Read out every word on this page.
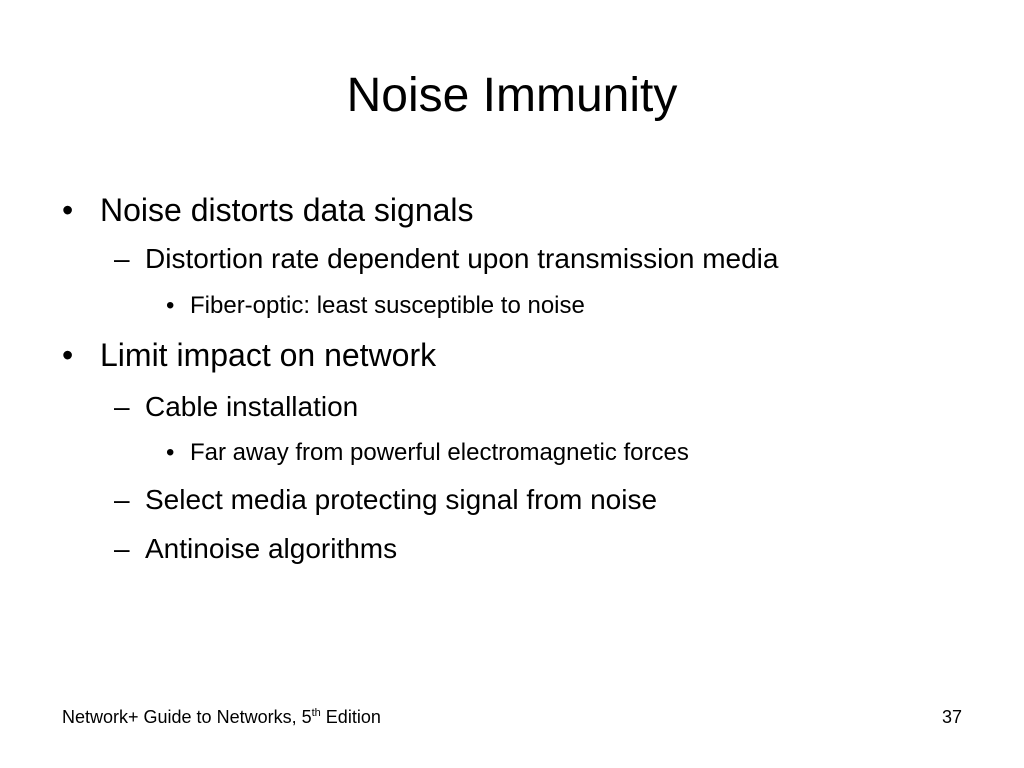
Noise Immunity
• Noise distorts data signals
– Distortion rate dependent upon transmission media
• Fiber-optic: least susceptible to noise
• Limit impact on network
– Cable installation
• Far away from powerful electromagnetic forces
– Select media protecting signal from noise
– Antinoise algorithms
Network+ Guide to Networks, 5th Edition	37
